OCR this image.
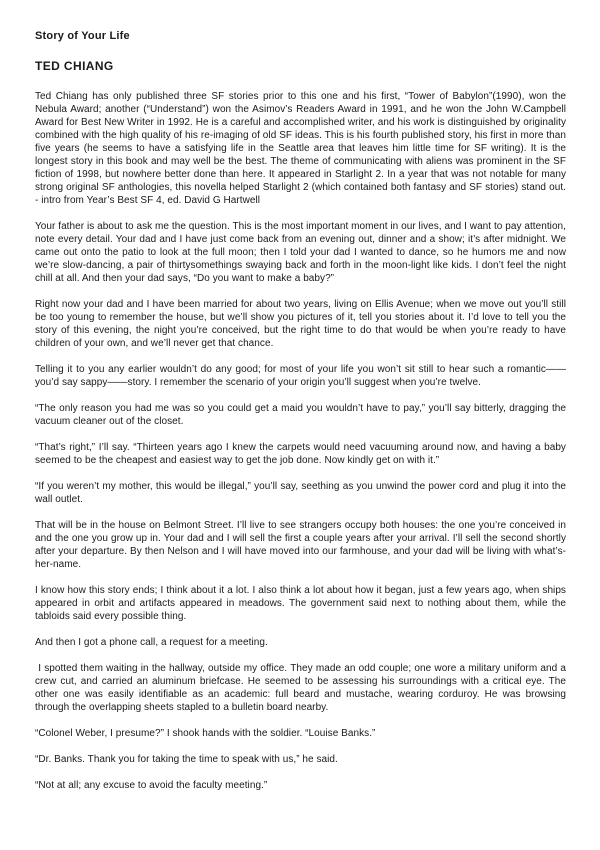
Story of Your Life
TED CHIANG

Ted Chiang has only published three SF stories prior to this one and his first, “Tower of Babylon”(1990), won the Nebula Award; another (“Understand”) won the Asimov’s Readers Award in 1991, and he won the John W.Campbell Award for Best New Writer in 1992. He is a careful and accomplished writer, and his work is distinguished by originality combined with the high quality of his re-imaging of old SF ideas. This is his fourth published story, his first in more than five years (he seems to have a satisfying life in the Seattle area that leaves him little time for SF writing). It is the longest story in this book and may well be the best. The theme of communicating with aliens was prominent in the SF fiction of 1998, but nowhere better done than here. It appeared in Starlight 2. In a year that was not notable for many strong original SF anthologies, this novella helped Starlight 2 (which contained both fantasy and SF stories) stand out. - intro from Year’s Best SF 4, ed. David G Hartwell

Your father is about to ask me the question. This is the most important moment in our lives, and I want to pay attention, note every detail. Your dad and I have just come back from an evening out, dinner and a show; it’s after midnight. We came out onto the patio to look at the full moon; then I told your dad I wanted to dance, so he humors me and now we’re slow-dancing, a pair of thirtysomethings swaying back and forth in the moon-light like kids. I don’t feel the night chill at all. And then your dad says, “Do you want to make a baby?”

Right now your dad and I have been married for about two years, living on Ellis Avenue; when we move out you’ll still be too young to remember the house, but we’ll show you pictures of it, tell you stories about it. I’d love to tell you the story of this evening, the night you’re conceived, but the right time to do that would be when you’re ready to have children of your own, and we’ll never get that chance.

Telling it to you any earlier wouldn’t do any good; for most of your life you won’t sit still to hear such a romantic——you’d say sappy——story. I remember the scenario of your origin you’ll suggest when you’re twelve.

“The only reason you had me was so you could get a maid you wouldn’t have to pay,” you’ll say bitterly, dragging the vacuum cleaner out of the closet.

“That’s right,” I’ll say. “Thirteen years ago I knew the carpets would need vacuuming around now, and having a baby seemed to be the cheapest and easiest way to get the job done. Now kindly get on with it.”

“If you weren’t my mother, this would be illegal,” you’ll say, seething as you unwind the power cord and plug it into the wall outlet.

That will be in the house on Belmont Street. I’ll live to see strangers occupy both houses: the one you’re conceived in and the one you grow up in. Your dad and I will sell the first a couple years after your arrival. I’ll sell the second shortly after your departure. By then Nelson and I will have moved into our farmhouse, and your dad will be living with what’s-her-name.

I know how this story ends; I think about it a lot. I also think a lot about how it began, just a few years ago, when ships appeared in orbit and artifacts appeared in meadows. The government said next to nothing about them, while the tabloids said every possible thing.

And then I got a phone call, a request for a meeting.

I spotted them waiting in the hallway, outside my office. They made an odd couple; one wore a military uniform and a crew cut, and carried an aluminum briefcase. He seemed to be assessing his surroundings with a critical eye. The other one was easily identifiable as an academic: full beard and mustache, wearing corduroy. He was browsing through the overlapping sheets stapled to a bulletin board nearby.

“Colonel Weber, I presume?” I shook hands with the soldier. “Louise Banks.”

“Dr. Banks. Thank you for taking the time to speak with us,” he said.

“Not at all; any excuse to avoid the faculty meeting.”
